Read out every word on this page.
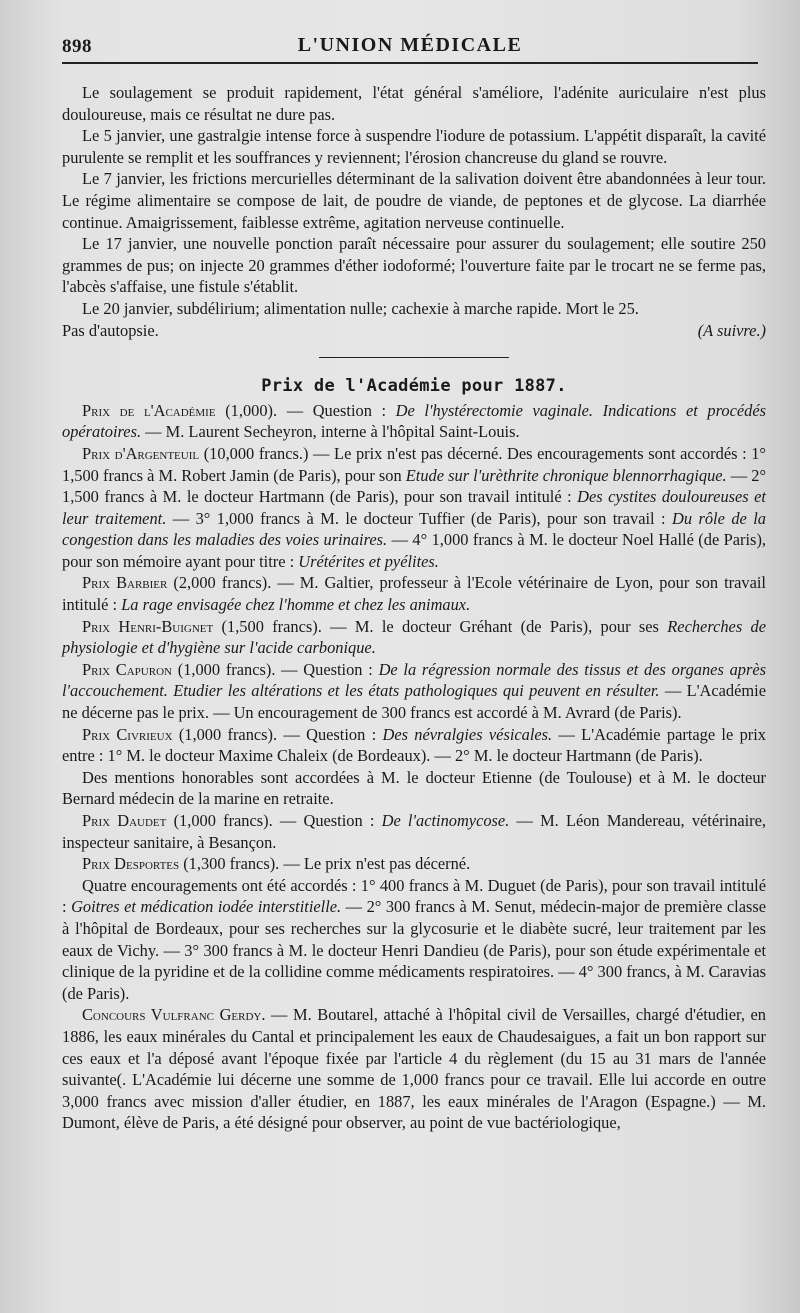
898	L'UNION MÉDICALE

Le soulagement se produit rapidement, l'état général s'améliore, l'adénite auriculaire n'est plus douloureuse, mais ce résultat ne dure pas.

Le 5 janvier, une gastralgie intense force à suspendre l'iodure de potassium. L'appétit disparaît, la cavité purulente se remplit et les souffrances y reviennent; l'érosion chancreuse du gland se rouvre.

Le 7 janvier, les frictions mercurielles déterminant de la salivation doivent être abandonnées à leur tour. Le régime alimentaire se compose de lait, de poudre de viande, de peptones et de glycose. La diarrhée continue. Amaigrissement, faiblesse extrême, agitation nerveuse continuelle.

Le 17 janvier, une nouvelle ponction paraît nécessaire pour assurer du soulagement; elle soutire 250 grammes de pus; on injecte 20 grammes d'éther iodoformé; l'ouverture faite par le trocart ne se ferme pas, l'abcès s'affaise, une fistule s'établit.

Le 20 janvier, subdélirium; alimentation nulle; cachexie à marche rapide. Mort le 25.

Pas d'autopsie.	(A suivre.)

Prix de l'Académie pour 1887.

Prix de l'Académie (1,000). — Question : De l'hystérectomie vaginale. Indications et procédés opératoires. — M. Laurent Secheyron, interne à l'hôpital Saint-Louis.

Prix d'Argenteuil (10,000 francs.) — Le prix n'est pas décerné. Des encouragements sont accordés : 1° 1,500 francs à M. Robert Jamin (de Paris), pour son Etude sur l'urèthrite chronique blennorrhagique. — 2° 1,500 francs à M. le docteur Hartmann (de Paris), pour son travail intitulé : Des cystites douloureuses et leur traitement. — 3° 1,000 francs à M. le docteur Tuffier (de Paris), pour son travail : Du rôle de la congestion dans les maladies des voies urinaires. — 4° 1,000 francs à M. le docteur Noel Hallé (de Paris), pour son mémoire ayant pour titre : Urétérites et pyélites.

Prix Barbier (2,000 francs). — M. Galtier, professeur à l'Ecole vétérinaire de Lyon, pour son travail intitulé : La rage envisagée chez l'homme et chez les animaux.

Prix Henri-Buignet (1,500 francs). — M. le docteur Gréhant (de Paris), pour ses Recherches de physiologie et d'hygiène sur l'acide carbonique.

Prix Capuron (1,000 francs). — Question : De la régression normale des tissus et des organes après l'accouchement. Etudier les altérations et les états pathologiques qui peuvent en résulter. — L'Académie ne décerne pas le prix. — Un encouragement de 300 francs est accordé à M. Avrard (de Paris).

Prix Civrieux (1,000 francs). — Question : Des névralgies vésicales. — L'Académie partage le prix entre : 1° M. le docteur Maxime Chaleix (de Bordeaux). — 2° M. le docteur Hartmann (de Paris).

Des mentions honorables sont accordées à M. le docteur Etienne (de Toulouse) et à M. le docteur Bernard médecin de la marine en retraite.

Prix Daudet (1,000 francs). — Question : De l'actinomycose. — M. Léon Mandereau, vétérinaire, inspecteur sanitaire, à Besançon.

Prix Desportes (1,300 francs). — Le prix n'est pas décerné.

Quatre encouragements ont été accordés : 1° 400 francs à M. Duguet (de Paris), pour son travail intitulé : Goitres et médication iodée interstitielle. — 2° 300 francs à M. Senut, médecin-major de première classe à l'hôpital de Bordeaux, pour ses recherches sur la glycosurie et le diabète sucré, leur traitement par les eaux de Vichy. — 3° 300 francs à M. le docteur Henri Dandieu (de Paris), pour son étude expérimentale et clinique de la pyridine et de la collidine comme médicaments respiratoires. — 4° 300 francs, à M. Caravias (de Paris).

Concours Vulfranc Gerdy. — M. Boutarel, attaché à l'hôpital civil de Versailles, chargé d'étudier, en 1886, les eaux minérales du Cantal et principalement les eaux de Chaudesaigues, a fait un bon rapport sur ces eaux et l'a déposé avant l'époque fixée par l'article 4 du règlement (du 15 au 31 mars de l'année suivante(. L'Académie lui décerne une somme de 1,000 francs pour ce travail. Elle lui accorde en outre 3,000 francs avec mission d'aller étudier, en 1887, les eaux minérales de l'Aragon (Espagne.) — M. Dumont, élève de Paris, a été désigné pour observer, au point de vue bactériologique,
